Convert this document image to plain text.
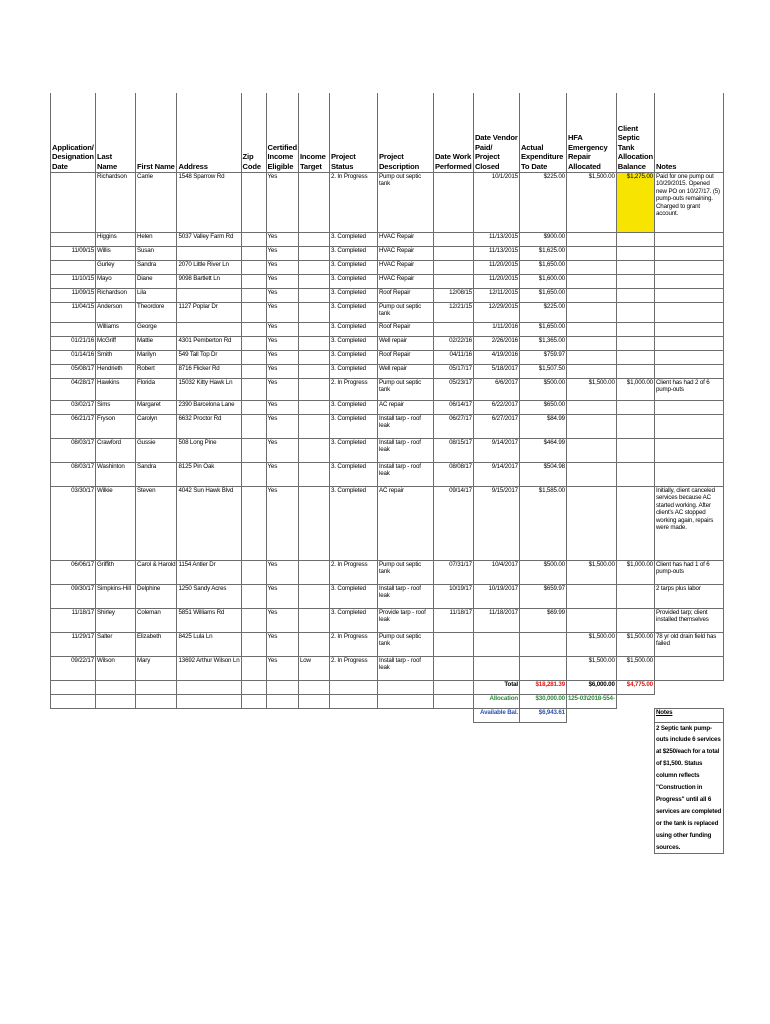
Application/ Designation Date	Last Name	First Name	Address	Zip Code	Certified Income Eligible	Income Target	Project Status	Project Description	Date Work Performed	Date Vendor Paid/ Project Closed	Actual Expenditure To Date	HFA Emergency Repair Allocated	Client Septic Tank Allocation Balance	Notes
	Richardson	Carrie	1548 Sparrow Rd		Yes		2. In Progress	Pump out septic tank		10/1/2015	$225.00	$1,500.00	$1,275.00	Paid for one pump out 10/29/2015. Opened new PO on 10/27/17. (5) pump-outs remaining. Charged to grant account.
	Higgins	Helen	5037 Valley Farm Rd		Yes		3. Completed	HVAC Repair		11/13/2015	$900.00			
11/09/15	Willis	Susan			Yes		3. Completed	HVAC Repair		11/13/2015	$1,625.00			
	Gurley	Sandra	2070 Little River Ln		Yes		3. Completed	HVAC Repair		11/20/2015	$1,650.00			
11/10/15	Mayo	Diane	9098 Bartlett Ln		Yes		3. Completed	HVAC Repair		11/20/2015	$1,600.00			
11/09/15	Richardson	Lila			Yes		3. Completed	Roof Repair	12/08/15	12/11/2015	$1,650.00			
11/04/15	Anderson	Theordore	1127 Poplar Dr		Yes		3. Completed	Pump out septic tank	12/21/15	12/29/2015	$225.00			
	Williams	George			Yes		3. Completed	Roof Repair		1/11/2016	$1,650.00			
01/21/16	McGriff	Mattie	4301 Pemberton Rd		Yes		3. Completed	Well repair	02/22/16	2/26/2016	$1,365.00			
01/14/16	Smith	Marilyn	549 Tall Top Dr		Yes		3. Completed	Roof Repair	04/11/16	4/19/2016	$759.97			
05/08/17	Hendrieth	Robert	8716 Flicker Rd		Yes		3. Completed	Well repair	05/17/17	5/18/2017	$1,507.50			
04/28/17	Hawkins	Florida	15032 Kitty Hawk Ln		Yes		2. In Progress	Pump out septic tank	05/23/17	6/6/2017	$500.00	$1,500.00	$1,000.00	Client has had 2 of 6 pump-outs
03/02/17	Sims	Margaret	2390 Barcelona Lane		Yes		3. Completed	AC repair	06/14/17	6/22/2017	$650.00			
06/21/17	Fryson	Carolyn	6632 Proctor Rd		Yes		3. Completed	Install tarp - roof leak	06/27/17	6/27/2017	$84.99			
08/03/17	Crawford	Gussie	508 Long Pine		Yes		3. Completed	Install tarp - roof leak	08/15/17	9/14/2017	$464.99			
08/03/17	Washinton	Sandra	8125 Pin Oak		Yes		3. Completed	Install tarp - roof leak	08/08/17	9/14/2017	$504.98			
03/30/17	Wilkie	Steven	4042 Sun Hawk Blvd		Yes		3. Completed	AC repair	09/14/17	9/15/2017	$1,585.00			Initially, client canceled services because AC started working. After client's AC stopped working again, repairs were made.
06/06/17	Griffith	Carol & Harold	1154 Antler Dr		Yes		2. In Progress	Pump out septic tank	07/31/17	10/4/2017	$500.00	$1,500.00	$1,000.00	Client has had 1 of 6 pump-outs
09/30/17	Simpkins-Hill	Delphine	1250 Sandy Acres		Yes		3. Completed	Install tarp - roof leak	10/19/17	10/19/2017	$659.97			2 tarps plus labor
11/18/17	Shirley	Coleman	5851 Williams Rd		Yes		3. Completed	Provide tarp - roof leak	11/18/17	11/18/2017	$69.99			Provided tarp; client installed themselves
11/29/17	Salter	Elizabeth	8425 Lula Ln		Yes		2. In Progress	Pump out septic tank				$1,500.00	$1,500.00	78 yr old drain field has failed
09/22/17	Wilson	Mary	13692 Arthur Wilson Ln		Yes	Low	2. In Progress	Install tarp - roof leak				$1,500.00	$1,500.00	
										Total	$18,281.39	$6,000.00	$4,775.00	
										Allocation	$30,000.00	125-03\2018-554-		
										Available Bal.	$6,943.61			Notes
														2 Septic tank pump-outs include 6 services at $250/each for a total of $1,500. Status column reflects "Construction in Progress" until all 6 services are completed or the tank is replaced using other funding sources.
